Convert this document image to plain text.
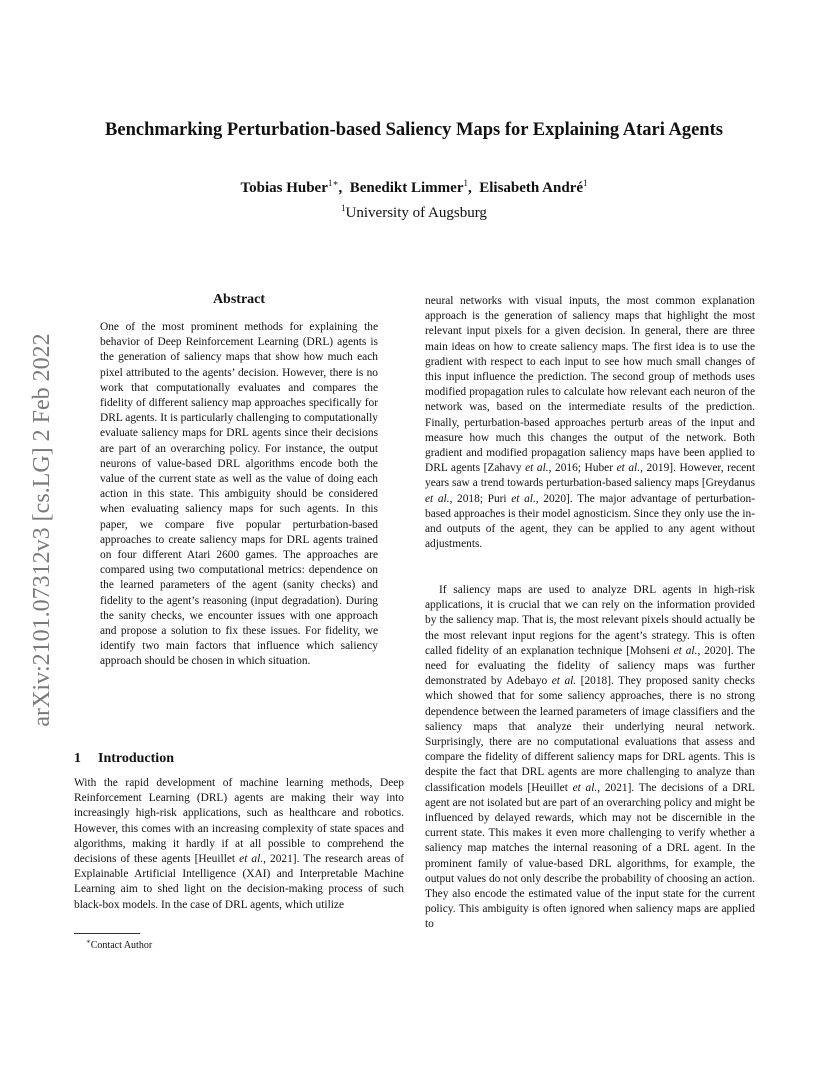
Benchmarking Perturbation-based Saliency Maps for Explaining Atari Agents
Tobias Huber$^{1∗}$,  Benedikt Limmer$^1$,  Elisabeth André$^1$
$^1$University of Augsburg
arXiv:2101.07312v3 [cs.LG] 2 Feb 2022
Abstract

One of the most prominent methods for explaining the behavior of Deep Reinforcement Learning (DRL) agents is the generation of saliency maps that show how much each pixel attributed to the agents’ decision. However, there is no work that computationally evaluates and compares the fidelity of different saliency map approaches specifically for DRL agents. It is particularly challenging to computationally evaluate saliency maps for DRL agents since their decisions are part of an overarching policy. For instance, the output neurons of value-based DRL algorithms encode both the value of the current state as well as the value of doing each action in this state. This ambiguity should be considered when evaluating saliency maps for such agents. In this paper, we compare five popular perturbation-based approaches to create saliency maps for DRL agents trained on four different Atari 2600 games. The approaches are compared using two computational metrics: dependence on the learned parameters of the agent (sanity checks) and fidelity to the agent’s reasoning (input degradation). During the sanity checks, we encounter issues with one approach and propose a solution to fix these issues. For fidelity, we identify two main factors that influence which saliency approach should be chosen in which situation.

1 Introduction

With the rapid development of machine learning methods, Deep Reinforcement Learning (DRL) agents are making their way into increasingly high-risk applications, such as healthcare and robotics. However, this comes with an increasing complexity of state spaces and algorithms, making it hardly if at all possible to comprehend the decisions of these agents [Heuillet et al., 2021]. The research areas of Explainable Artificial Intelligence (XAI) and Interpretable Machine Learning aim to shed light on the decision-making process of such black-box models. In the case of DRL agents, which utilize

∗Contact Author

neural networks with visual inputs, the most common explanation approach is the generation of saliency maps that highlight the most relevant input pixels for a given decision. In general, there are three main ideas on how to create saliency maps. The first idea is to use the gradient with respect to each input to see how much small changes of this input influence the prediction. The second group of methods uses modified propagation rules to calculate how relevant each neuron of the network was, based on the intermediate results of the prediction. Finally, perturbation-based approaches perturb areas of the input and measure how much this changes the output of the network. Both gradient and modified propagation saliency maps have been applied to DRL agents [Zahavy et al., 2016; Huber et al., 2019]. However, recent years saw a trend towards perturbation-based saliency maps [Greydanus et al., 2018; Puri et al., 2020]. The major advantage of perturbation-based approaches is their model agnosticism. Since they only use the in- and outputs of the agent, they can be applied to any agent without adjustments.

If saliency maps are used to analyze DRL agents in high-risk applications, it is crucial that we can rely on the information provided by the saliency map. That is, the most relevant pixels should actually be the most relevant input regions for the agent’s strategy. This is often called fidelity of an explanation technique [Mohseni et al., 2020]. The need for evaluating the fidelity of saliency maps was further demonstrated by Adebayo et al. [2018]. They proposed sanity checks which showed that for some saliency approaches, there is no strong dependence between the learned parameters of image classifiers and the saliency maps that analyze their underlying neural network. Surprisingly, there are no computational evaluations that assess and compare the fidelity of different saliency maps for DRL agents. This is despite the fact that DRL agents are more challenging to analyze than classification models [Heuillet et al., 2021]. The decisions of a DRL agent are not isolated but are part of an overarching policy and might be influenced by delayed rewards, which may not be discernible in the current state. This makes it even more challenging to verify whether a saliency map matches the internal reasoning of a DRL agent. In the prominent family of value-based DRL algorithms, for example, the output values do not only describe the probability of choosing an action. They also encode the estimated value of the input state for the current policy. This ambiguity is often ignored when saliency maps are applied to
